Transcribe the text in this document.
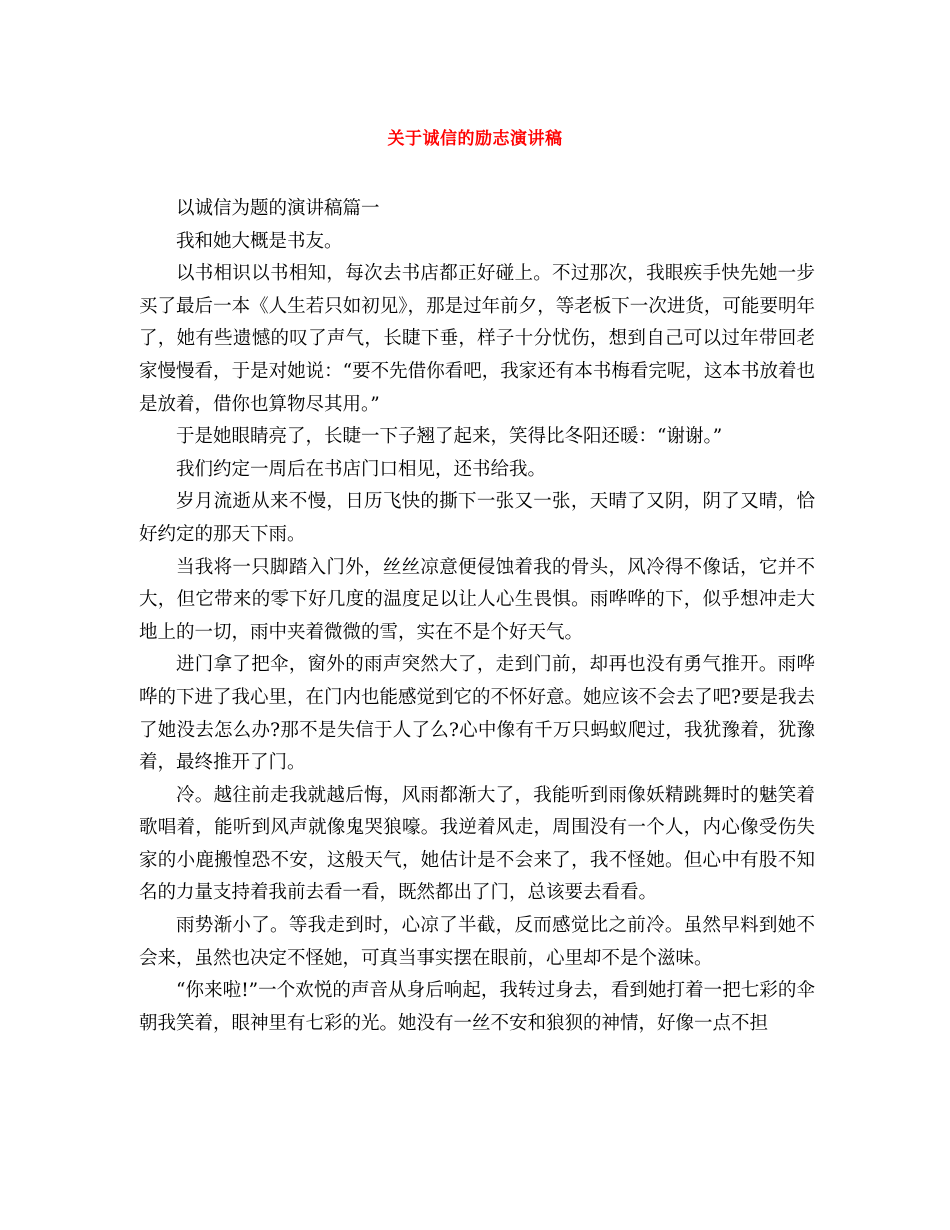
关于诚信的励志演讲稿

以诚信为题的演讲稿篇一

我和她大概是书友。

以书相识以书相知，每次去书店都正好碰上。不过那次，我眼疾手快先她一步买了最后一本《人生若只如初见》，那是过年前夕，等老板下一次进货，可能要明年了，她有些遗憾的叹了声气，长睫下垂，样子十分忧伤，想到自己可以过年带回老家慢慢看，于是对她说：“要不先借你看吧，我家还有本书梅看完呢，这本书放着也是放着，借你也算物尽其用。”

于是她眼睛亮了，长睫一下子翘了起来，笑得比冬阳还暖：“谢谢。”

我们约定一周后在书店门口相见，还书给我。

岁月流逝从来不慢，日历飞快的撕下一张又一张，天晴了又阴，阴了又晴，恰好约定的那天下雨。

当我将一只脚踏入门外，丝丝凉意便侵蚀着我的骨头，风冷得不像话，它并不大，但它带来的零下好几度的温度足以让人心生畏惧。雨哗哗的下，似乎想冲走大地上的一切，雨中夹着微微的雪，实在不是个好天气。

进门拿了把伞，窗外的雨声突然大了，走到门前，却再也没有勇气推开。雨哗哗的下进了我心里，在门内也能感觉到它的不怀好意。她应该不会去了吧?要是我去了她没去怎么办?那不是失信于人了么?心中像有千万只蚂蚁爬过，我犹豫着，犹豫着，最终推开了门。

冷。越往前走我就越后悔，风雨都渐大了，我能听到雨像妖精跳舞时的魅笑着歌唱着，能听到风声就像鬼哭狼嚎。我逆着风走，周围没有一个人，内心像受伤失家的小鹿搬惶恐不安，这般天气，她估计是不会来了，我不怪她。但心中有股不知名的力量支持着我前去看一看，既然都出了门，总该要去看看。

雨势渐小了。等我走到时，心凉了半截，反而感觉比之前冷。虽然早料到她不会来，虽然也决定不怪她，可真当事实摆在眼前，心里却不是个滋味。

“你来啦!”一个欢悦的声音从身后响起，我转过身去，看到她打着一把七彩的伞朝我笑着，眼神里有七彩的光。她没有一丝不安和狼狈的神情，好像一点不担
